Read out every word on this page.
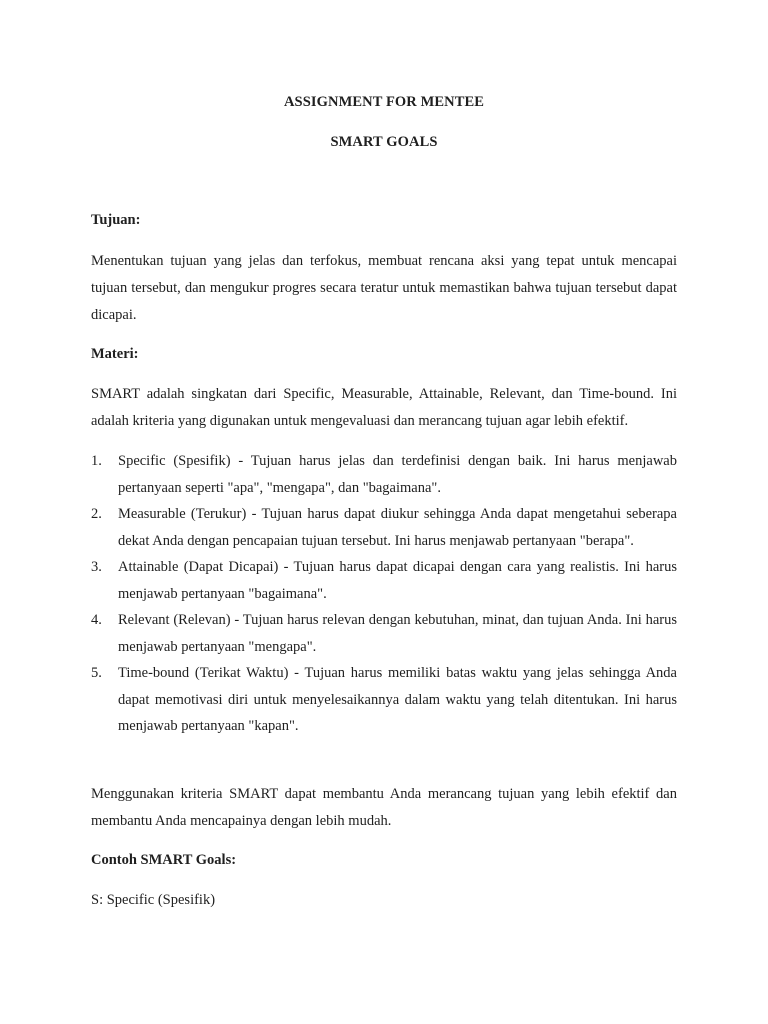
ASSIGNMENT FOR MENTEE
SMART GOALS
Tujuan:

Menentukan tujuan yang jelas dan terfokus, membuat rencana aksi yang tepat untuk mencapai tujuan tersebut, dan mengukur progres secara teratur untuk memastikan bahwa tujuan tersebut dapat dicapai.

Materi:

SMART adalah singkatan dari Specific, Measurable, Attainable, Relevant, dan Time-bound. Ini adalah kriteria yang digunakan untuk mengevaluasi dan merancang tujuan agar lebih efektif.

1. Specific (Spesifik) - Tujuan harus jelas dan terdefinisi dengan baik. Ini harus menjawab pertanyaan seperti "apa", "mengapa", dan "bagaimana".
2. Measurable (Terukur) - Tujuan harus dapat diukur sehingga Anda dapat mengetahui seberapa dekat Anda dengan pencapaian tujuan tersebut. Ini harus menjawab pertanyaan "berapa".
3. Attainable (Dapat Dicapai) - Tujuan harus dapat dicapai dengan cara yang realistis. Ini harus menjawab pertanyaan "bagaimana".
4. Relevant (Relevan) - Tujuan harus relevan dengan kebutuhan, minat, dan tujuan Anda. Ini harus menjawab pertanyaan "mengapa".
5. Time-bound (Terikat Waktu) - Tujuan harus memiliki batas waktu yang jelas sehingga Anda dapat memotivasi diri untuk menyelesaikannya dalam waktu yang telah ditentukan. Ini harus menjawab pertanyaan "kapan".

Menggunakan kriteria SMART dapat membantu Anda merancang tujuan yang lebih efektif dan membantu Anda mencapainya dengan lebih mudah.

Contoh SMART Goals:
S: Specific (Spesifik)
